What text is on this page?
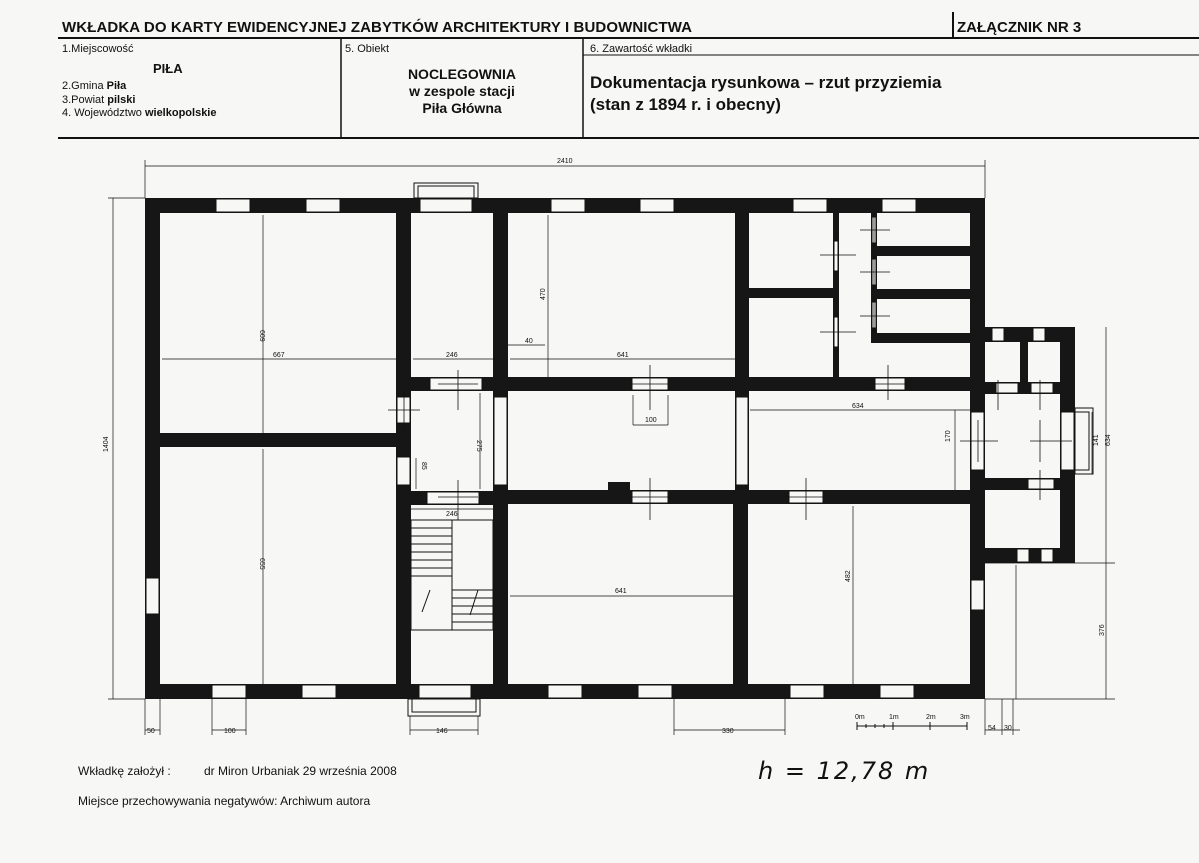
WKŁADKA DO KARTY EWIDENCYJNEJ ZABYTKÓW ARCHITEKTURY I BUDOWNICTWA	ZAŁĄCZNIK NR 3
1.Miejscowość
PIŁA
2.Gmina Piła
3.Powiat pilski
4. Województwo wielkopolskie
5. Obiekt
NOCLEGOWNIA
w zespole stacji
Piła Główna
6. Zawartość wkładki
Dokumentacja rysunkowa – rzut przyziemia
(stan z 1894 r. i obecny)
2410
1404
609
667	246
40
470
641
100
275
85
246
634
170	141 634
655
641
482
376
50	100	146	330	54 30
0m	1m	2m	3m
Wkładkę założył :	dr Miron Urbaniak 29 września 2008
Miejsce przechowywania negatywów: Archiwum autora
h = 12,78 m
